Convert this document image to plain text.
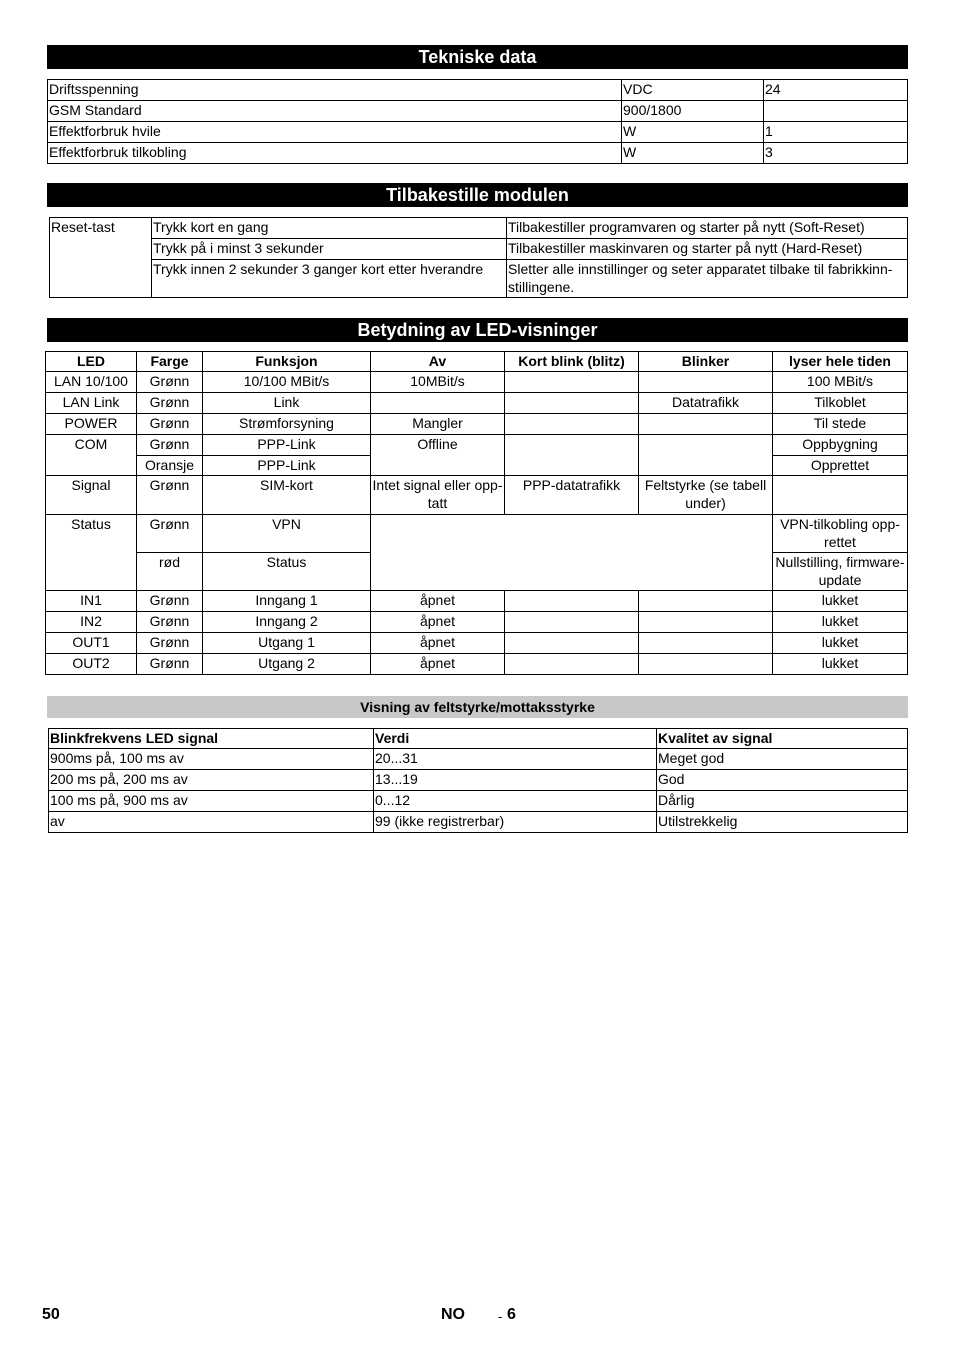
Tekniske data
Driftsspenning	VDC	24
GSM Standard	900/1800	
Effektforbruk hvile	W	1
Effektforbruk tilkobling	W	3
Tilbakestille modulen
Reset-tast	Trykk kort en gang	Tilbakestiller programvaren og starter på nytt (Soft-Reset)
	Trykk på i minst 3 sekunder	Tilbakestiller maskinvaren og starter på nytt (Hard-Reset)
	Trykk innen 2 sekunder 3 ganger kort etter hverandre	Sletter alle innstillinger og seter apparatet tilbake til fabrikkinn-stillingene.
Betydning av LED-visninger
LED	Farge	Funksjon	Av	Kort blink (blitz)	Blinker	lyser hele tiden
LAN 10/100	Grønn	10/100 MBit/s	10MBit/s			100 MBit/s
LAN Link	Grønn	Link			Datatrafikk	Tilkoblet
POWER	Grønn	Strømforsyning	Mangler			Til stede
COM	Grønn	PPP-Link	Offline			Oppbygning
	Oransje	PPP-Link				Opprettet
Signal	Grønn	SIM-kort	Intet signal eller opp-tatt	PPP-datatrafikk	Feltstyrke (se tabell under)	
Status	Grønn	VPN				VPN-tilkobling opp-rettet
	rød	Status				Nullstilling, firmware-update
IN1	Grønn	Inngang 1	åpnet			lukket
IN2	Grønn	Inngang 2	åpnet			lukket
OUT1	Grønn	Utgang 1	åpnet			lukket
OUT2	Grønn	Utgang 2	åpnet			lukket
Visning av feltstyrke/mottaksstyrke
Blinkfrekvens LED signal	Verdi	Kvalitet av signal
900ms på, 100 ms av	20...31	Meget god
200 ms på, 200 ms av	13...19	God
100 ms på, 900 ms av	0...12	Dårlig
av	99 (ikke registrerbar)	Utilstrekkelig
50	NO	- 6
